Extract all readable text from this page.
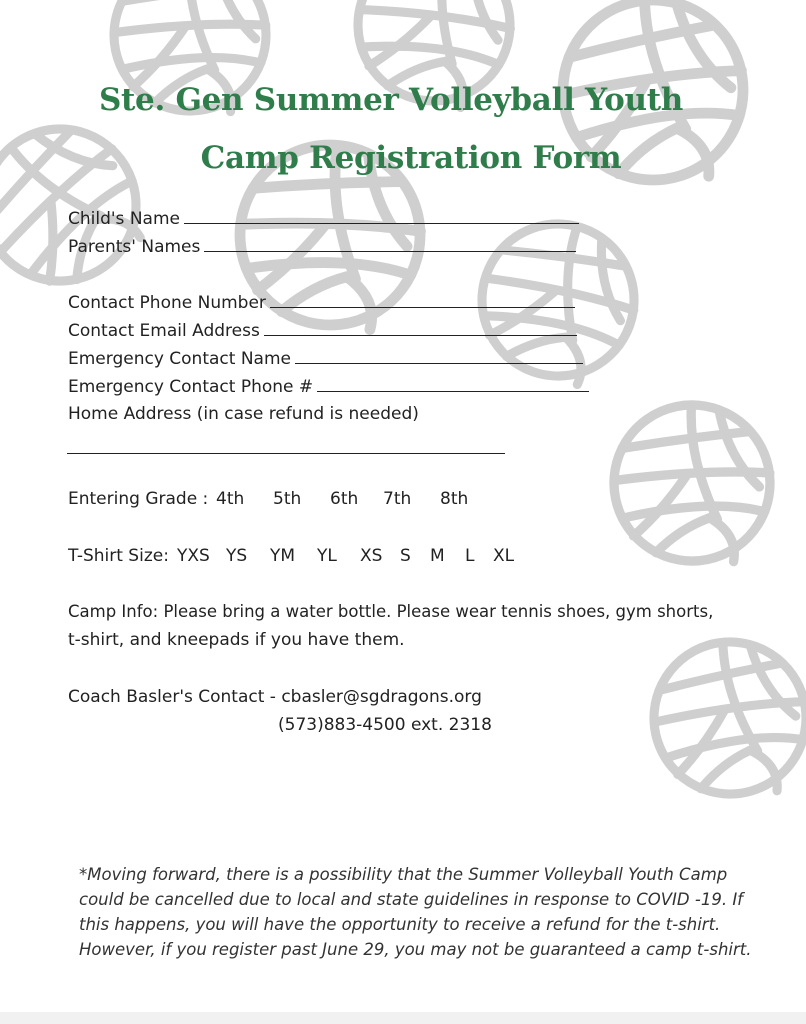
Ste. Gen Summer Volleyball Youth
Camp Registration Form
Child's Name
Parents' Names
Contact Phone Number
Contact Email Address
Emergency Contact Name
Emergency Contact Phone #
Home Address (in case refund is needed)
Entering Grade : 4th 5th 6th 7th 8th
T-Shirt Size: YXS YS YM YL XS S M L XL
Camp Info: Please bring a water bottle. Please wear tennis shoes, gym shorts,
t-shirt, and kneepads if you have them.
Coach Basler's Contact - cbasler@sgdragons.org
(573)883-4500 ext. 2318
*Moving forward, there is a possibility that the Summer Volleyball Youth Camp could be cancelled due to local and state guidelines in response to COVID -19. If this happens, you will have the opportunity to receive a refund for the t-shirt. However, if you register past June 29, you may not be guaranteed a camp t-shirt.
